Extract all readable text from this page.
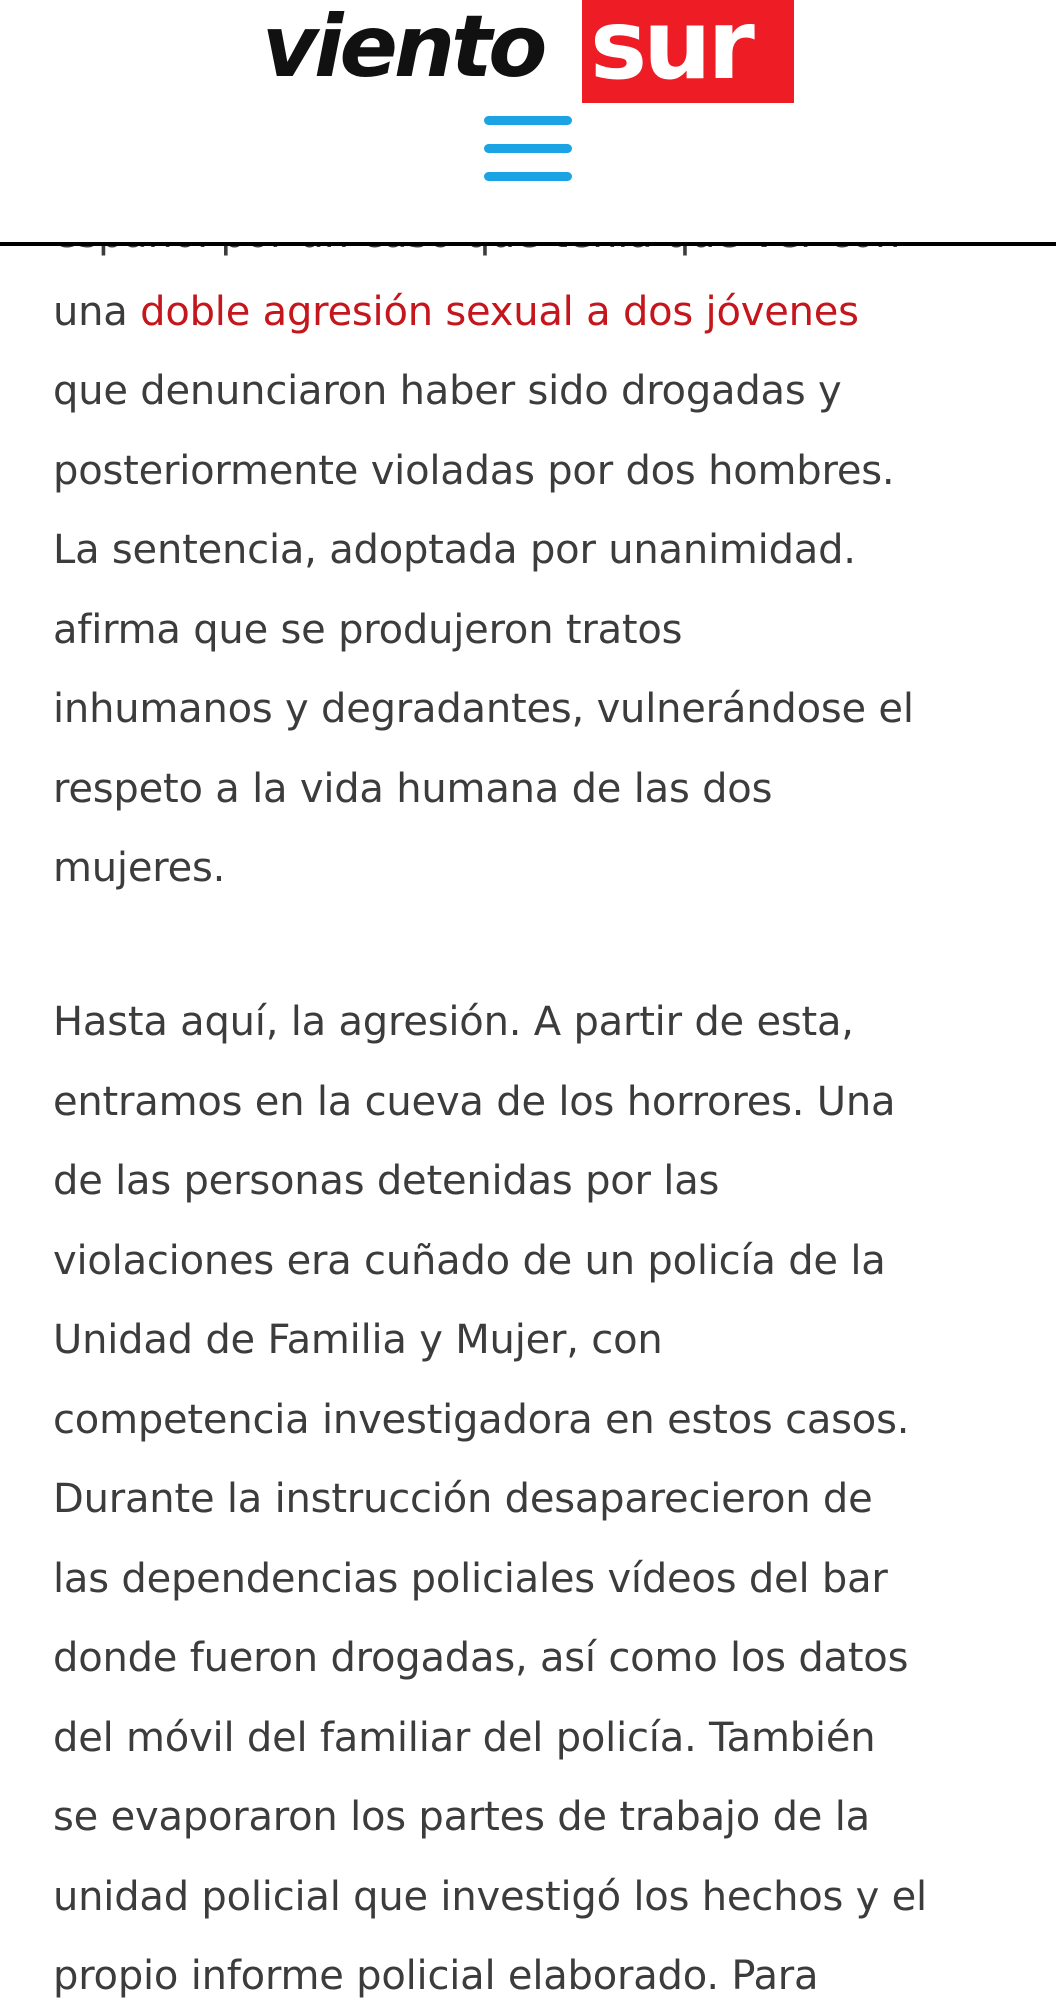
una doble agresión sexual a dos jóvenes
que denunciaron haber sido drogadas y
posteriormente violadas por dos hombres.
La sentencia, adoptada por unanimidad.
afirma que se produjeron tratos
inhumanos y degradantes, vulnerándose el
respeto a la vida humana de las dos
mujeres.
Hasta aquí, la agresión. A partir de esta,
entramos en la cueva de los horrores. Una
de las personas detenidas por las
violaciones era cuñado de un policía de la
Unidad de Familia y Mujer, con
competencia investigadora en estos casos.
Durante la instrucción desaparecieron de
las dependencias policiales vídeos del bar
donde fueron drogadas, así como los datos
del móvil del familiar del policía. También
se evaporaron los partes de trabajo de la
unidad policial que investigó los hechos y el
propio informe policial elaborado. Para
viento sur
